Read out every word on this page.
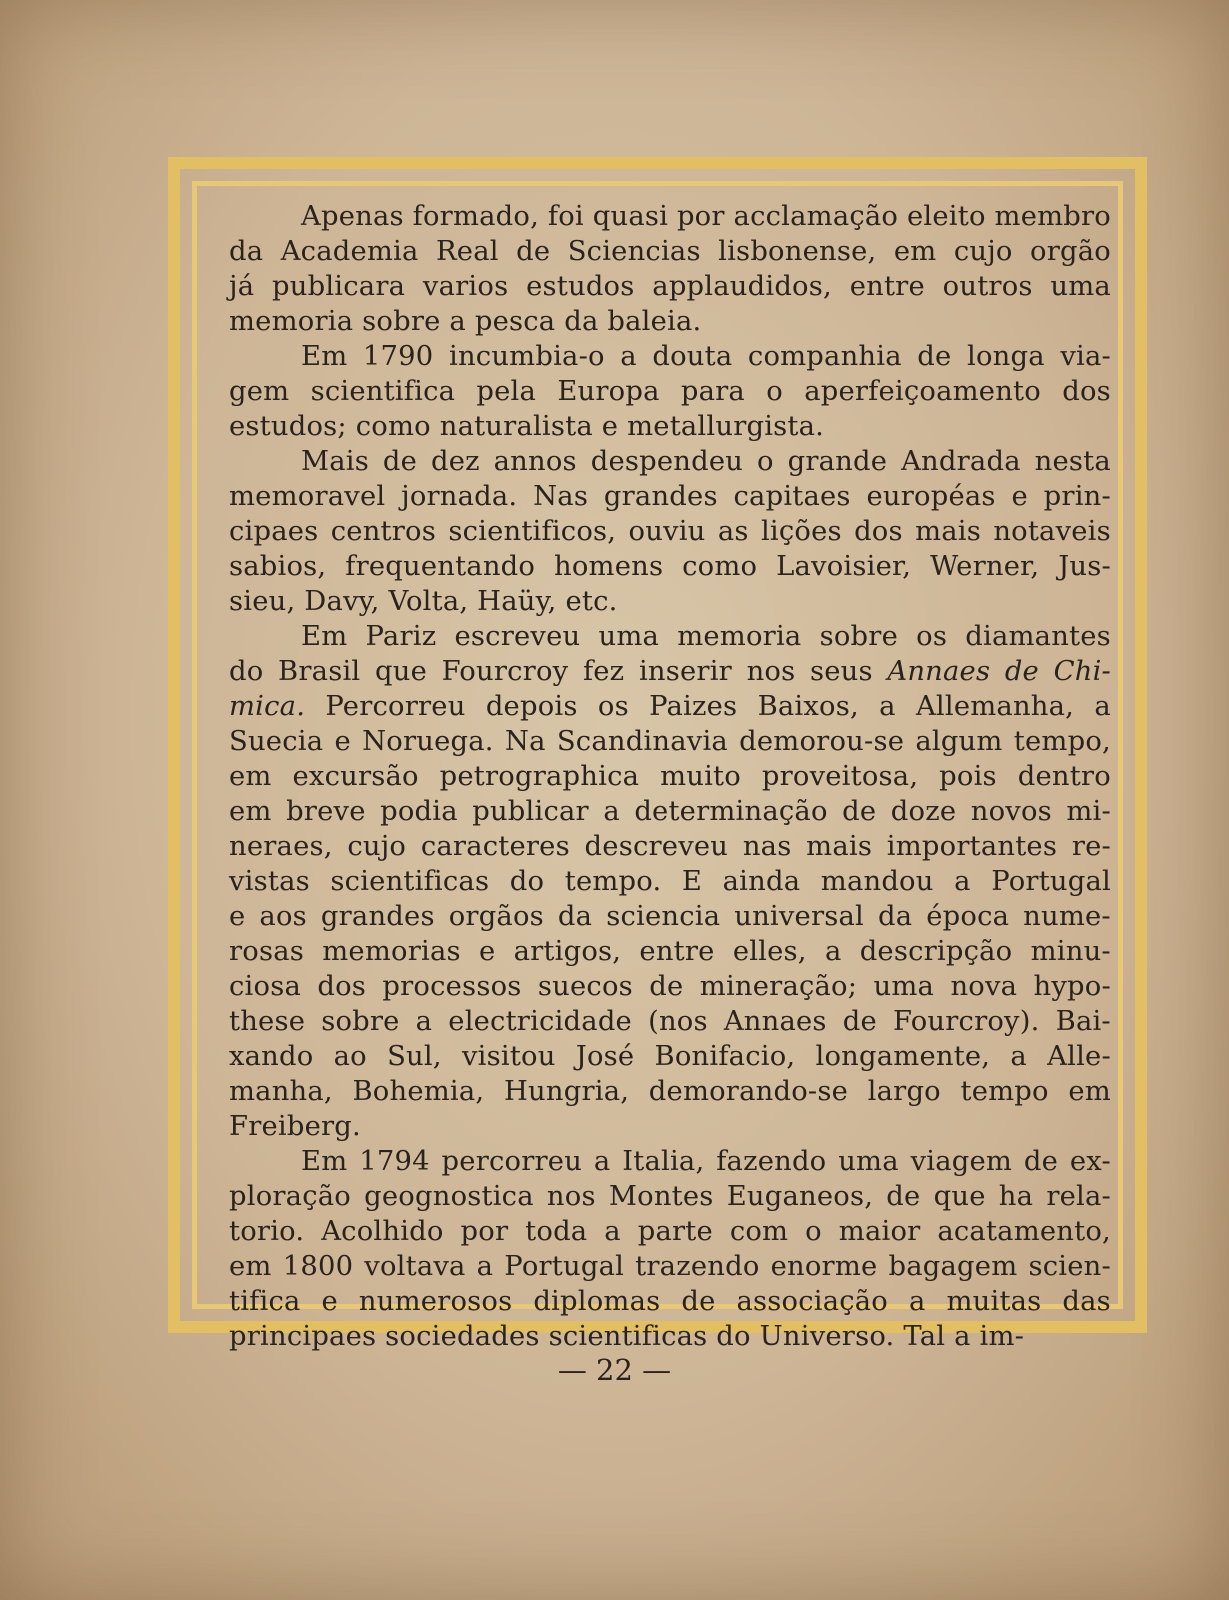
Apenas formado, foi quasi por acclamação eleito membro
da Academia Real de Sciencias lisbonense, em cujo orgão
já publicara varios estudos applaudidos, entre outros uma
memoria sobre a pesca da baleia.
Em 1790 incumbia-o a douta companhia de longa via-
gem scientifica pela Europa para o aperfeiçoamento dos
estudos; como naturalista e metallurgista.
Mais de dez annos despendeu o grande Andrada nesta
memoravel jornada. Nas grandes capitaes européas e prin-
cipaes centros scientificos, ouviu as lições dos mais notaveis
sabios, frequentando homens como Lavoisier, Werner, Jus-
sieu, Davy, Volta, Haüy, etc.
Em Pariz escreveu uma memoria sobre os diamantes
do Brasil que Fourcroy fez inserir nos seus Annaes de Chi-
mica. Percorreu depois os Paizes Baixos, a Allemanha, a
Suecia e Noruega. Na Scandinavia demorou-se algum tempo,
em excursão petrographica muito proveitosa, pois dentro
em breve podia publicar a determinação de doze novos mi-
neraes, cujo caracteres descreveu nas mais importantes re-
vistas scientificas do tempo. E ainda mandou a Portugal
e aos grandes orgãos da sciencia universal da época nume-
rosas memorias e artigos, entre elles, a descripção minu-
ciosa dos processos suecos de mineração; uma nova hypo-
these sobre a electricidade (nos Annaes de Fourcroy). Bai-
xando ao Sul, visitou José Bonifacio, longamente, a Alle-
manha, Bohemia, Hungria, demorando-se largo tempo em
Freiberg.
Em 1794 percorreu a Italia, fazendo uma viagem de ex-
ploração geognostica nos Montes Euganeos, de que ha rela-
torio. Acolhido por toda a parte com o maior acatamento,
em 1800 voltava a Portugal trazendo enorme bagagem scien-
tifica e numerosos diplomas de associação a muitas das
principaes sociedades scientificas do Universo. Tal a im-
— 22 —
